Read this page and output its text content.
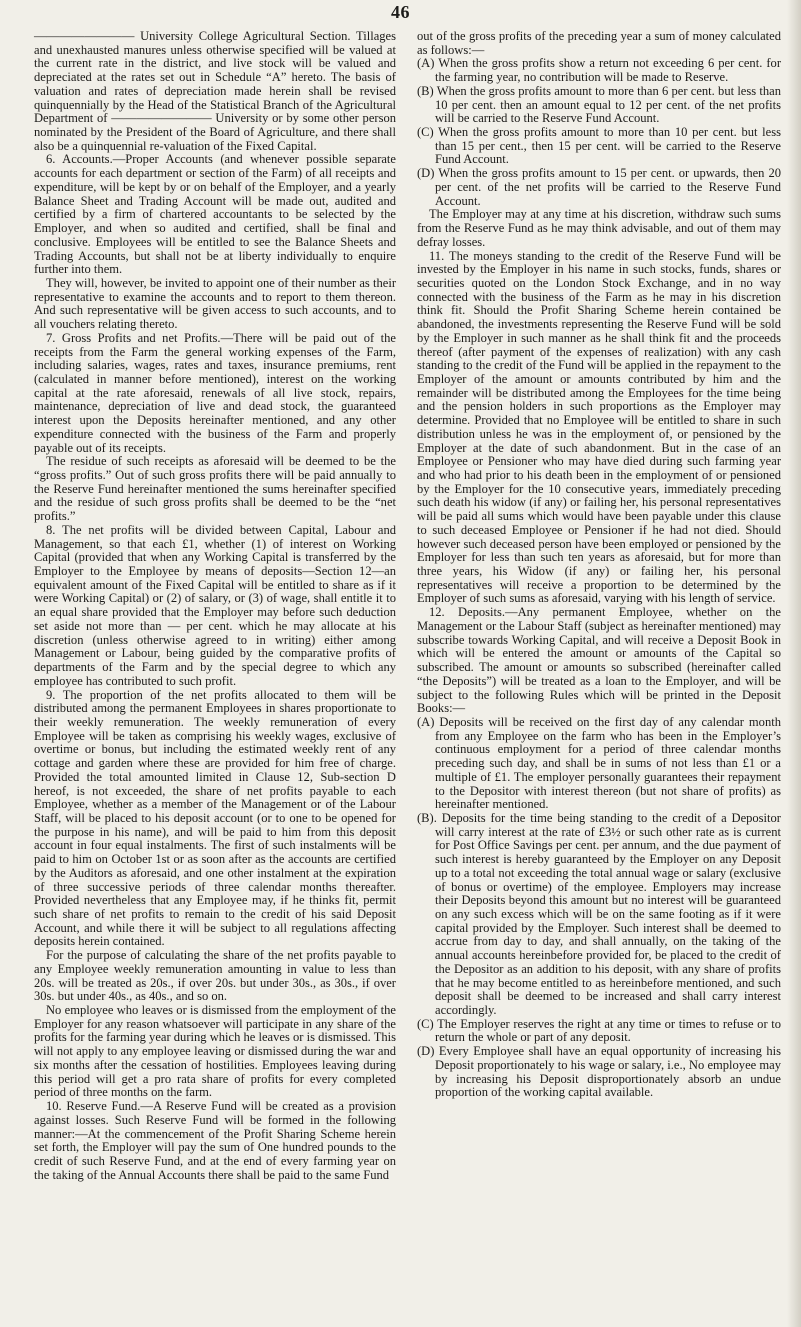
46

———————— University College Agricultural Section. Tillages and unexhausted manures unless otherwise specified will be valued at the current rate in the district, and live stock will be valued and depreciated at the rates set out in Schedule “A” hereto. The basis of valuation and rates of depreciation made herein shall be revised quinquennially by the Head of the Statistical Branch of the Agricultural Department of ———————— University or by some other person nominated by the President of the Board of Agriculture, and there shall also be a quinquennial re-valuation of the Fixed Capital.

6. Accounts.—Proper Accounts (and whenever possible separate accounts for each department or section of the Farm) of all receipts and expenditure, will be kept by or on behalf of the Employer, and a yearly Balance Sheet and Trading Account will be made out, audited and certified by a firm of chartered accountants to be selected by the Employer, and when so audited and certified, shall be final and conclusive. Employees will be entitled to see the Balance Sheets and Trading Accounts, but shall not be at liberty individually to enquire further into them.

They will, however, be invited to appoint one of their number as their representative to examine the accounts and to report to them thereon. And such representative will be given access to such accounts, and to all vouchers relating thereto.

7. Gross Profits and net Profits.—There will be paid out of the receipts from the Farm the general working expenses of the Farm, including salaries, wages, rates and taxes, insurance premiums, rent (calculated in manner before mentioned), interest on the working capital at the rate aforesaid, renewals of all live stock, repairs, maintenance, depreciation of live and dead stock, the guaranteed interest upon the Deposits hereinafter mentioned, and any other expenditure connected with the business of the Farm and properly payable out of its receipts.

The residue of such receipts as aforesaid will be deemed to be the “gross profits.” Out of such gross profits there will be paid annually to the Reserve Fund hereinafter mentioned the sums hereinafter specified and the residue of such gross profits shall be deemed to be the “net profits.”

8. The net profits will be divided between Capital, Labour and Management, so that each £1, whether (1) of interest on Working Capital (provided that when any Working Capital is transferred by the Employer to the Employee by means of deposits—Section 12—an equivalent amount of the Fixed Capital will be entitled to share as if it were Working Capital) or (2) of salary, or (3) of wage, shall entitle it to an equal share provided that the Employer may before such deduction set aside not more than — per cent. which he may allocate at his discretion (unless otherwise agreed to in writing) either among Management or Labour, being guided by the comparative profits of departments of the Farm and by the special degree to which any employee has contributed to such profit.

9. The proportion of the net profits allocated to them will be distributed among the permanent Employees in shares proportionate to their weekly remuneration. The weekly remuneration of every Employee will be taken as comprising his weekly wages, exclusive of overtime or bonus, but including the estimated weekly rent of any cottage and garden where these are provided for him free of charge. Provided the total amounted limited in Clause 12, Sub-section D hereof, is not exceeded, the share of net profits payable to each Employee, whether as a member of the Management or of the Labour Staff, will be placed to his deposit account (or to one to be opened for the purpose in his name), and will be paid to him from this deposit account in four equal instalments. The first of such instalments will be paid to him on October 1st or as soon after as the accounts are certified by the Auditors as aforesaid, and one other instalment at the expiration of three successive periods of three calendar months thereafter. Provided nevertheless that any Employee may, if he thinks fit, permit such share of net profits to remain to the credit of his said Deposit Account, and while there it will be subject to all regulations affecting deposits herein contained.

For the purpose of calculating the share of the net profits payable to any Employee weekly remuneration amounting in value to less than 20s. will be treated as 20s., if over 20s. but under 30s., as 30s., if over 30s. but under 40s., as 40s., and so on.

No employee who leaves or is dismissed from the employment of the Employer for any reason whatsoever will participate in any share of the profits for the farming year during which he leaves or is dismissed. This will not apply to any employee leaving or dismissed during the war and six months after the cessation of hostilities. Employees leaving during this period will get a pro rata share of profits for every completed period of three months on the farm.

10. Reserve Fund.—A Reserve Fund will be created as a provision against losses. Such Reserve Fund will be formed in the following manner:—At the commencement of the Profit Sharing Scheme herein set forth, the Employer will pay the sum of One hundred pounds to the credit of such Reserve Fund, and at the end of every farming year on the taking of the Annual Accounts there shall be paid to the same Fund

out of the gross profits of the preceding year a sum of money calculated as follows:—

(A) When the gross profits show a return not exceeding 6 per cent. for the farming year, no contribution will be made to Reserve.

(B) When the gross profits amount to more than 6 per cent. but less than 10 per cent. then an amount equal to 12 per cent. of the net profits will be carried to the Reserve Fund Account.

(C) When the gross profits amount to more than 10 per cent. but less than 15 per cent., then 15 per cent. will be carried to the Reserve Fund Account.

(D) When the gross profits amount to 15 per cent. or upwards, then 20 per cent. of the net profits will be carried to the Reserve Fund Account.

The Employer may at any time at his discretion, withdraw such sums from the Reserve Fund as he may think advisable, and out of them may defray losses.

11. The moneys standing to the credit of the Reserve Fund will be invested by the Employer in his name in such stocks, funds, shares or securities quoted on the London Stock Exchange, and in no way connected with the business of the Farm as he may in his discretion think fit. Should the Profit Sharing Scheme herein contained be abandoned, the investments representing the Reserve Fund will be sold by the Employer in such manner as he shall think fit and the proceeds thereof (after payment of the expenses of realization) with any cash standing to the credit of the Fund will be applied in the repayment to the Employer of the amount or amounts contributed by him and the remainder will be distributed among the Employees for the time being and the pension holders in such proportions as the Employer may determine. Provided that no Employee will be entitled to share in such distribution unless he was in the employment of, or pensioned by the Employer at the date of such abandonment. But in the case of an Employee or Pensioner who may have died during such farming year and who had prior to his death been in the employment of or pensioned by the Employer for the 10 consecutive years, immediately preceding such death his widow (if any) or failing her, his personal representatives will be paid all sums which would have been payable under this clause to such deceased Employee or Pensioner if he had not died. Should however such deceased person have been employed or pensioned by the Employer for less than such ten years as aforesaid, but for more than three years, his Widow (if any) or failing her, his personal representatives will receive a proportion to be determined by the Employer of such sums as aforesaid, varying with his length of service.

12. Deposits.—Any permanent Employee, whether on the Management or the Labour Staff (subject as hereinafter mentioned) may subscribe towards Working Capital, and will receive a Deposit Book in which will be entered the amount or amounts of the Capital so subscribed. The amount or amounts so subscribed (hereinafter called “the Deposits”) will be treated as a loan to the Employer, and will be subject to the following Rules which will be printed in the Deposit Books:—

(A) Deposits will be received on the first day of any calendar month from any Employee on the farm who has been in the Employer’s continuous employment for a period of three calendar months preceding such day, and shall be in sums of not less than £1 or a multiple of £1. The employer personally guarantees their repayment to the Depositor with interest thereon (but not share of profits) as hereinafter mentioned.

(B). Deposits for the time being standing to the credit of a Depositor will carry interest at the rate of £3½ or such other rate as is current for Post Office Savings per cent. per annum, and the due payment of such interest is hereby guaranteed by the Employer on any Deposit up to a total not exceeding the total annual wage or salary (exclusive of bonus or overtime) of the employee. Employers may increase their Deposits beyond this amount but no interest will be guaranteed on any such excess which will be on the same footing as if it were capital provided by the Employer. Such interest shall be deemed to accrue from day to day, and shall annually, on the taking of the annual accounts hereinbefore provided for, be placed to the credit of the Depositor as an addition to his deposit, with any share of profits that he may become entitled to as hereinbefore mentioned, and such deposit shall be deemed to be increased and shall carry interest accordingly.

(C) The Employer reserves the right at any time or times to refuse or to return the whole or part of any deposit.

(D) Every Employee shall have an equal opportunity of increasing his Deposit proportionately to his wage or salary, i.e., No employee may by increasing his Deposit disproportionately absorb an undue proportion of the working capital available.
